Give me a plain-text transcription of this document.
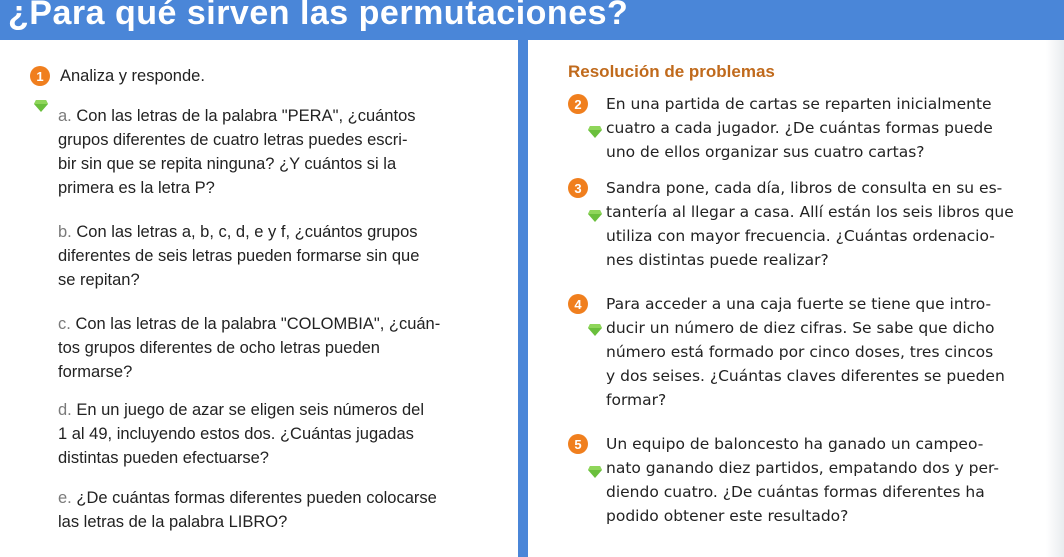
¿Para qué sirven las permutaciones?
1 Analiza y responde.
a. Con las letras de la palabra "PERA", ¿cuántos
grupos diferentes de cuatro letras puedes escri-
bir sin que se repita ninguna? ¿Y cuántos si la
primera es la letra P?
b. Con las letras a, b, c, d, e y f, ¿cuántos grupos
diferentes de seis letras pueden formarse sin que
se repitan?
c. Con las letras de la palabra "COLOMBIA", ¿cuán-
tos grupos diferentes de ocho letras pueden
formarse?
d. En un juego de azar se eligen seis números del
1 al 49, incluyendo estos dos. ¿Cuántas jugadas
distintas pueden efectuarse?
e. ¿De cuántas formas diferentes pueden colocarse
las letras de la palabra LIBRO?
Resolución de problemas
2	En una partida de cartas se reparten inicialmente
cuatro a cada jugador. ¿De cuántas formas puede
uno de ellos organizar sus cuatro cartas?
3	Sandra pone, cada día, libros de consulta en su es-
tantería al llegar a casa. Allí están los seis libros que
utiliza con mayor frecuencia. ¿Cuántas ordenacio-
nes distintas puede realizar?
4	Para acceder a una caja fuerte se tiene que intro-
ducir un número de diez cifras. Se sabe que dicho
número está formado por cinco doses, tres cincos
y dos seises. ¿Cuántas claves diferentes se pueden
formar?
5	Un equipo de baloncesto ha ganado un campeo-
nato ganando diez partidos, empatando dos y per-
diendo cuatro. ¿De cuántas formas diferentes ha
podido obtener este resultado?
